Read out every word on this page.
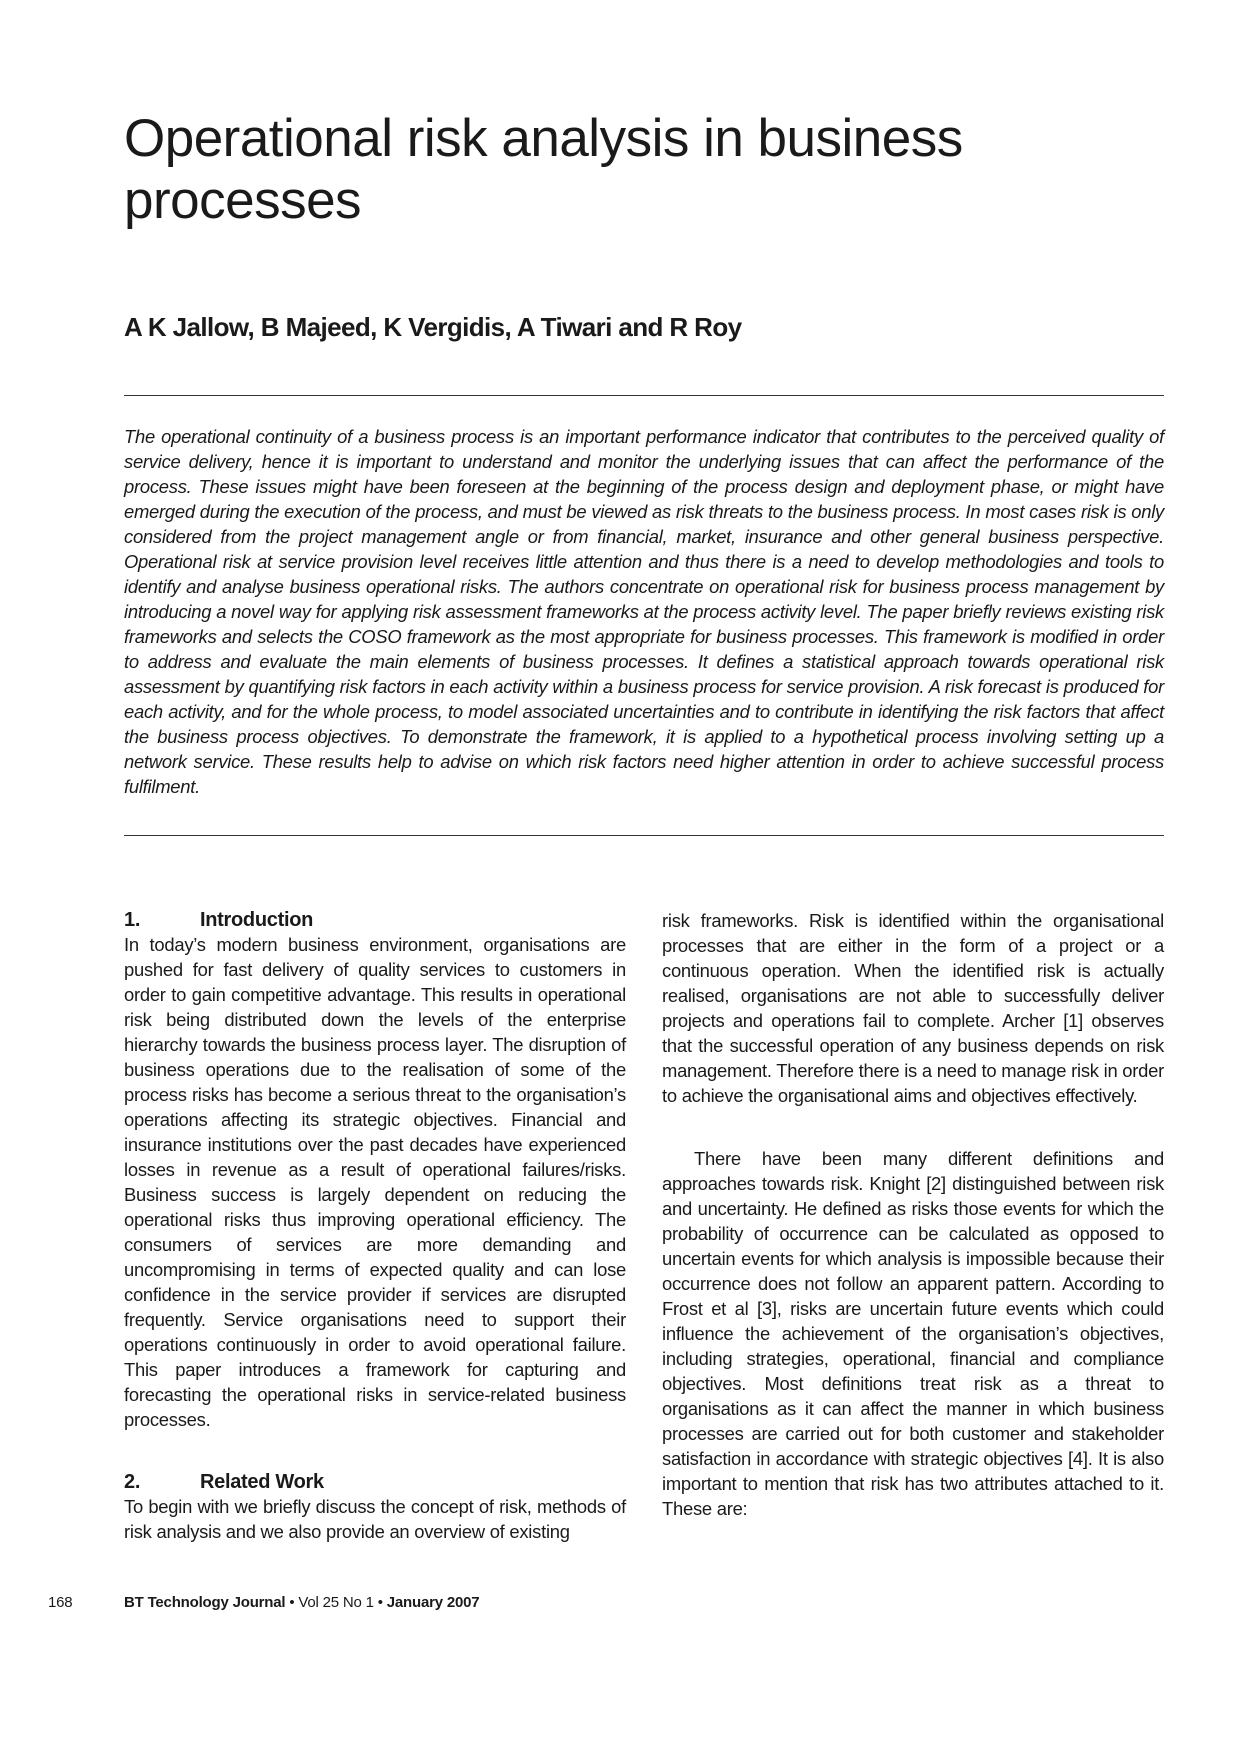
Operational risk analysis in business processes
A K Jallow, B Majeed, K Vergidis, A Tiwari and R Roy

The operational continuity of a business process is an important performance indicator that contributes to the perceived quality of service delivery, hence it is important to understand and monitor the underlying issues that can affect the performance of the process. These issues might have been foreseen at the beginning of the process design and deployment phase, or might have emerged during the execution of the process, and must be viewed as risk threats to the business process. In most cases risk is only considered from the project management angle or from financial, market, insurance and other general business perspective. Operational risk at service provision level receives little attention and thus there is a need to develop methodologies and tools to identify and analyse business operational risks. The authors concentrate on operational risk for business process management by introducing a novel way for applying risk assessment frameworks at the process activity level. The paper briefly reviews existing risk frameworks and selects the COSO framework as the most appropriate for business processes. This framework is modified in order to address and evaluate the main elements of business processes. It defines a statistical approach towards operational risk assessment by quantifying risk factors in each activity within a business process for service provision. A risk forecast is produced for each activity, and for the whole process, to model associated uncertainties and to contribute in identifying the risk factors that affect the business process objectives. To demonstrate the framework, it is applied to a hypothetical process involving setting up a network service. These results help to advise on which risk factors need higher attention in order to achieve successful process fulfilment.

1.	Introduction

In today’s modern business environment, organisations are pushed for fast delivery of quality services to customers in order to gain competitive advantage. This results in operational risk being distributed down the levels of the enterprise hierarchy towards the business process layer. The disruption of business operations due to the realisation of some of the process risks has become a serious threat to the organisation’s operations affecting its strategic objectives. Financial and insurance institutions over the past decades have experienced losses in revenue as a result of operational failures/risks. Business success is largely dependent on reducing the operational risks thus improving operational efficiency. The consumers of services are more demanding and uncompromising in terms of expected quality and can lose confidence in the service provider if services are disrupted frequently. Service organisations need to support their operations continuously in order to avoid operational failure. This paper introduces a framework for capturing and forecasting the operational risks in service-related business processes.

2.	Related Work

To begin with we briefly discuss the concept of risk, methods of risk analysis and we also provide an overview of existing

risk frameworks. Risk is identified within the organisational processes that are either in the form of a project or a continuous operation. When the identified risk is actually realised, organisations are not able to successfully deliver projects and operations fail to complete. Archer [1] observes that the successful operation of any business depends on risk management. Therefore there is a need to manage risk in order to achieve the organisational aims and objectives effectively.

There have been many different definitions and approaches towards risk. Knight [2] distinguished between risk and uncertainty. He defined as risks those events for which the probability of occurrence can be calculated as opposed to uncertain events for which analysis is impossible because their occurrence does not follow an apparent pattern. According to Frost et al [3], risks are uncertain future events which could influence the achievement of the organisation’s objectives, including strategies, operational, financial and compliance objectives. Most definitions treat risk as a threat to organisations as it can affect the manner in which business processes are carried out for both customer and stakeholder satisfaction in accordance with strategic objectives [4]. It is also important to mention that risk has two attributes attached to it. These are:

168	BT Technology Journal • Vol 25 No 1 • January 2007
